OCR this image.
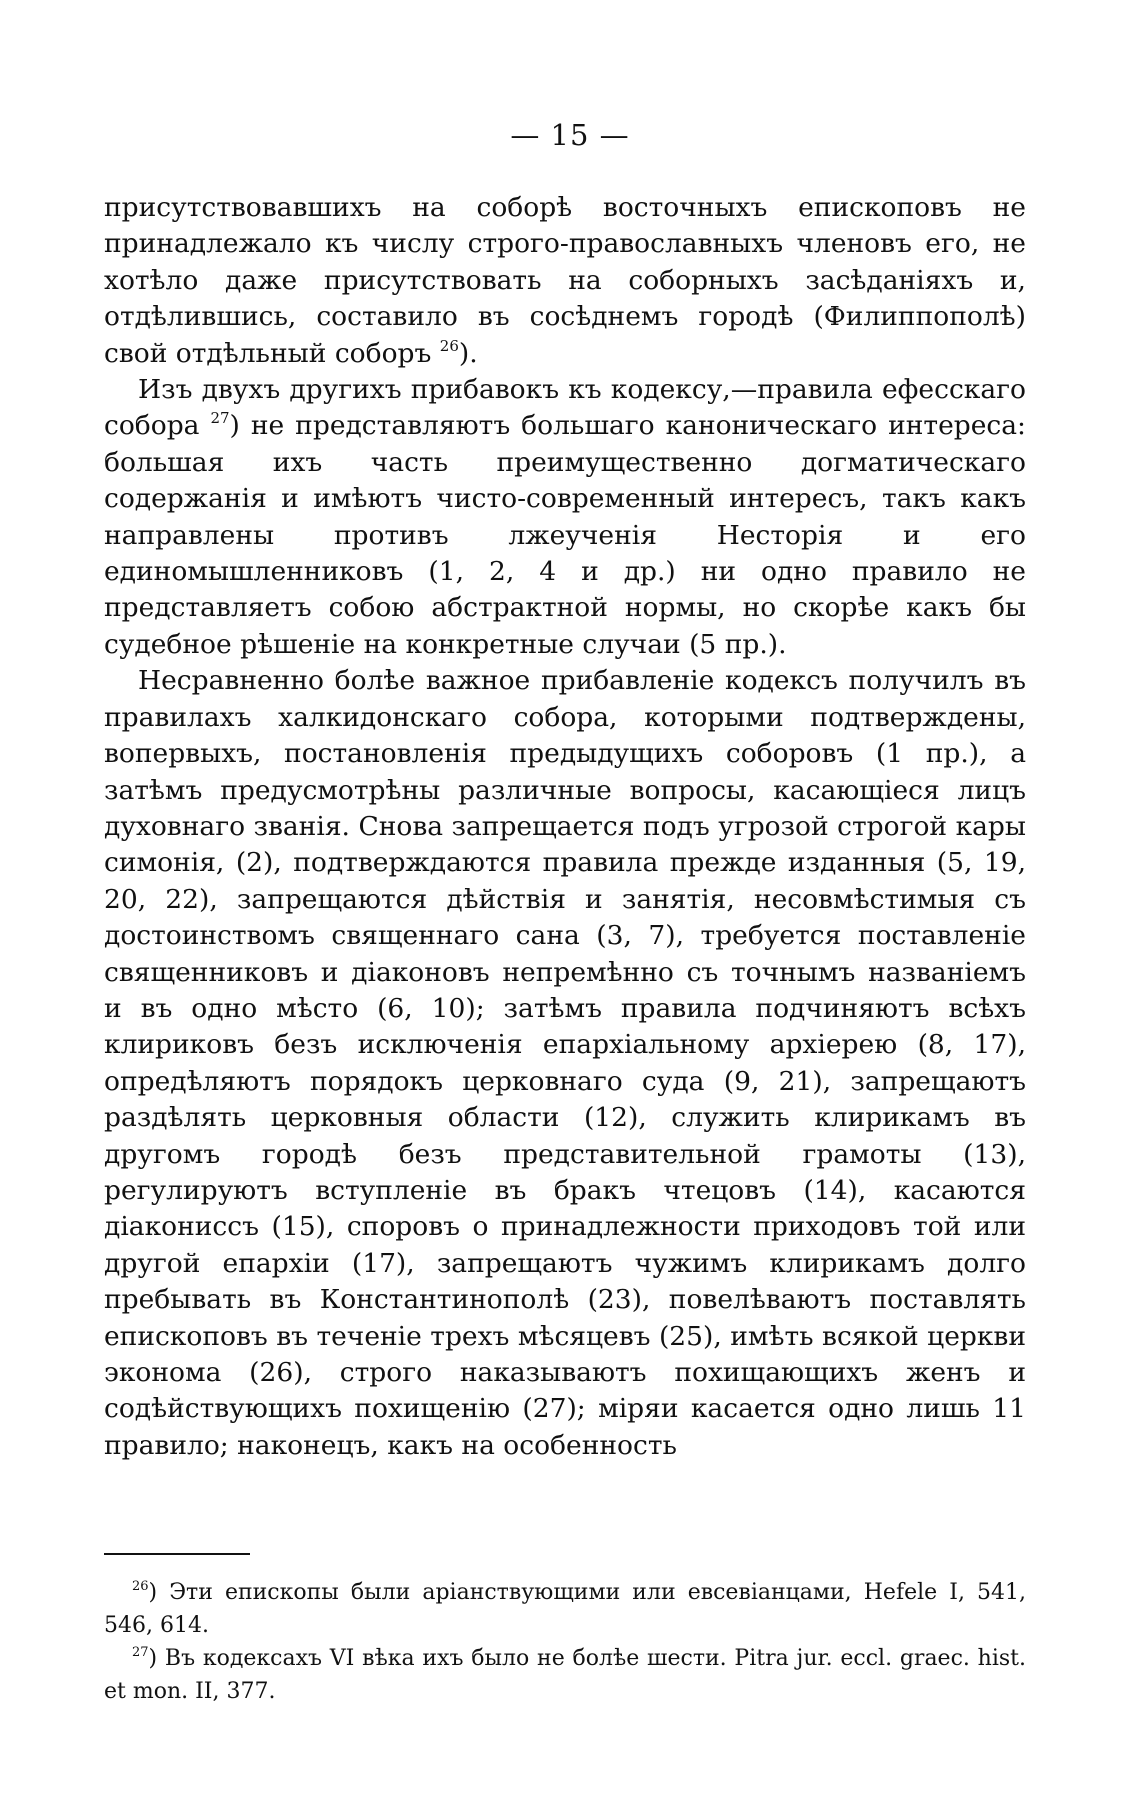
— 15 —

присутствовавшихъ на соборѣ восточныхъ епископовъ не принадлежало къ числу строго-православныхъ членовъ его, не хотѣло даже присутствовать на соборныхъ засѣданіяхъ и, отдѣлившись, составило въ сосѣднемъ городѣ (Филиппополѣ) свой отдѣльный соборъ $^{26}$).

Изъ двухъ другихъ прибавокъ къ кодексу,—правила ефесскаго собора $^{27}$) не представляютъ большаго каноническаго интереса: большая ихъ часть преимущественно догматическаго содержанія и имѣютъ чисто-современный интересъ, такъ какъ направлены противъ лжеученія Несторія и его единомышленниковъ (1, 2, 4 и др.) ни одно правило не представляетъ собою абстрактной нормы, но скорѣе какъ бы судебное рѣшеніе на конкретные случаи (5 пр.).

Несравненно болѣе важное прибавленіе кодексъ получилъ въ правилахъ халкидонскаго собора, которыми подтверждены, вопервыхъ, постановленія предыдущихъ соборовъ (1 пр.), а затѣмъ предусмотрѣны различные вопросы, касающіеся лицъ духовнаго званія. Снова запрещается подъ угрозой строгой кары симонія, (2), подтверждаются правила прежде изданныя (5, 19, 20, 22), запрещаются дѣйствія и занятія, несовмѣстимыя съ достоинствомъ священнаго сана (3, 7), требуется поставленіе священниковъ и діаконовъ непремѣнно съ точнымъ названіемъ и въ одно мѣсто (6, 10); затѣмъ правила подчиняютъ всѣхъ клириковъ безъ исключенія епархіальному архіерею (8, 17), опредѣляютъ порядокъ церковнаго суда (9, 21), запрещаютъ раздѣлять церковныя области (12), служить клирикамъ въ другомъ городѣ безъ представительной грамоты (13), регулируютъ вступленіе въ бракъ чтецовъ (14), касаются діакониссъ (15), споровъ о принадлежности приходовъ той или другой епархіи (17), запрещаютъ чужимъ клирикамъ долго пребывать въ Константинополѣ (23), повелѣваютъ поставлять епископовъ въ теченіе трехъ мѣсяцевъ (25), имѣть всякой церкви эконома (26), строго наказываютъ похищающихъ женъ и содѣйствующихъ похищенію (27); міряи касается одно лишь 11 правило; наконецъ, какъ на особенность

$^{26}$) Эти епископы были аріанствующими или евсевіанцами, Hefele I, 541, 546, 614.

$^{27}$) Въ кодексахъ VI вѣка ихъ было не болѣе шести. Pitra jur. eccl. graec. hist. et mon. II, 377.
